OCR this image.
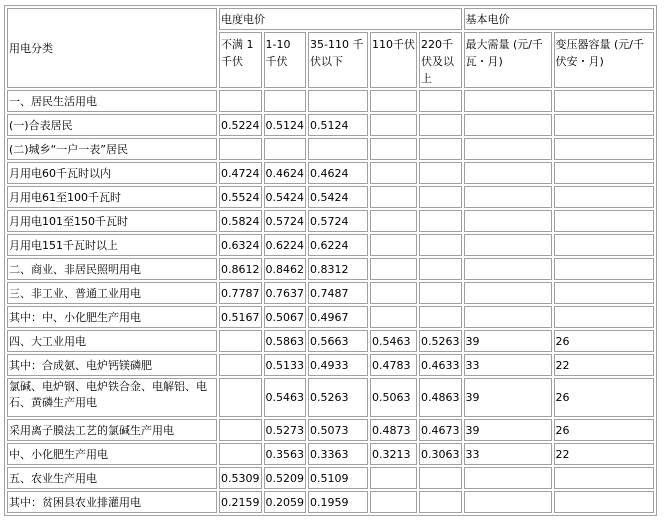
用电分类	电度电价					基本电价	
	不满 1 千伏	1-10 千伏	35-110 千伏以下	110千伏	220千伏及以上	最大需量 (元/千瓦・月)	变压器容量 (元/千伏安・月)
一、居民生活用电							
(一)合表居民	0.5224	0.5124	0.5124				
(二)城乡“一户一表”居民							
月用电60千瓦时以内	0.4724	0.4624	0.4624				
月用电61至100千瓦时	0.5524	0.5424	0.5424				
月用电101至150千瓦时	0.5824	0.5724	0.5724				
月用电151千瓦时以上	0.6324	0.6224	0.6224				
二、商业、非居民照明用电	0.8612	0.8462	0.8312				
三、非工业、普通工业用电	0.7787	0.7637	0.7487				
其中：中、小化肥生产用电	0.5167	0.5067	0.4967				
四、大工业用电		0.5863	0.5663	0.5463	0.5263	39	26
其中：合成氨、电炉钙镁磷肥		0.5133	0.4933	0.4783	0.4633	33	22
氯碱、电炉钢、电炉铁合金、电解铝、电石、黄磷生产用电		0.5463	0.5263	0.5063	0.4863	39	26
采用离子膜法工艺的氯碱生产用电		0.5273	0.5073	0.4873	0.4673	39	26
中、小化肥生产用电		0.3563	0.3363	0.3213	0.3063	33	22
五、农业生产用电	0.5309	0.5209	0.5109				
其中：贫困县农业排灌用电	0.2159	0.2059	0.1959				
